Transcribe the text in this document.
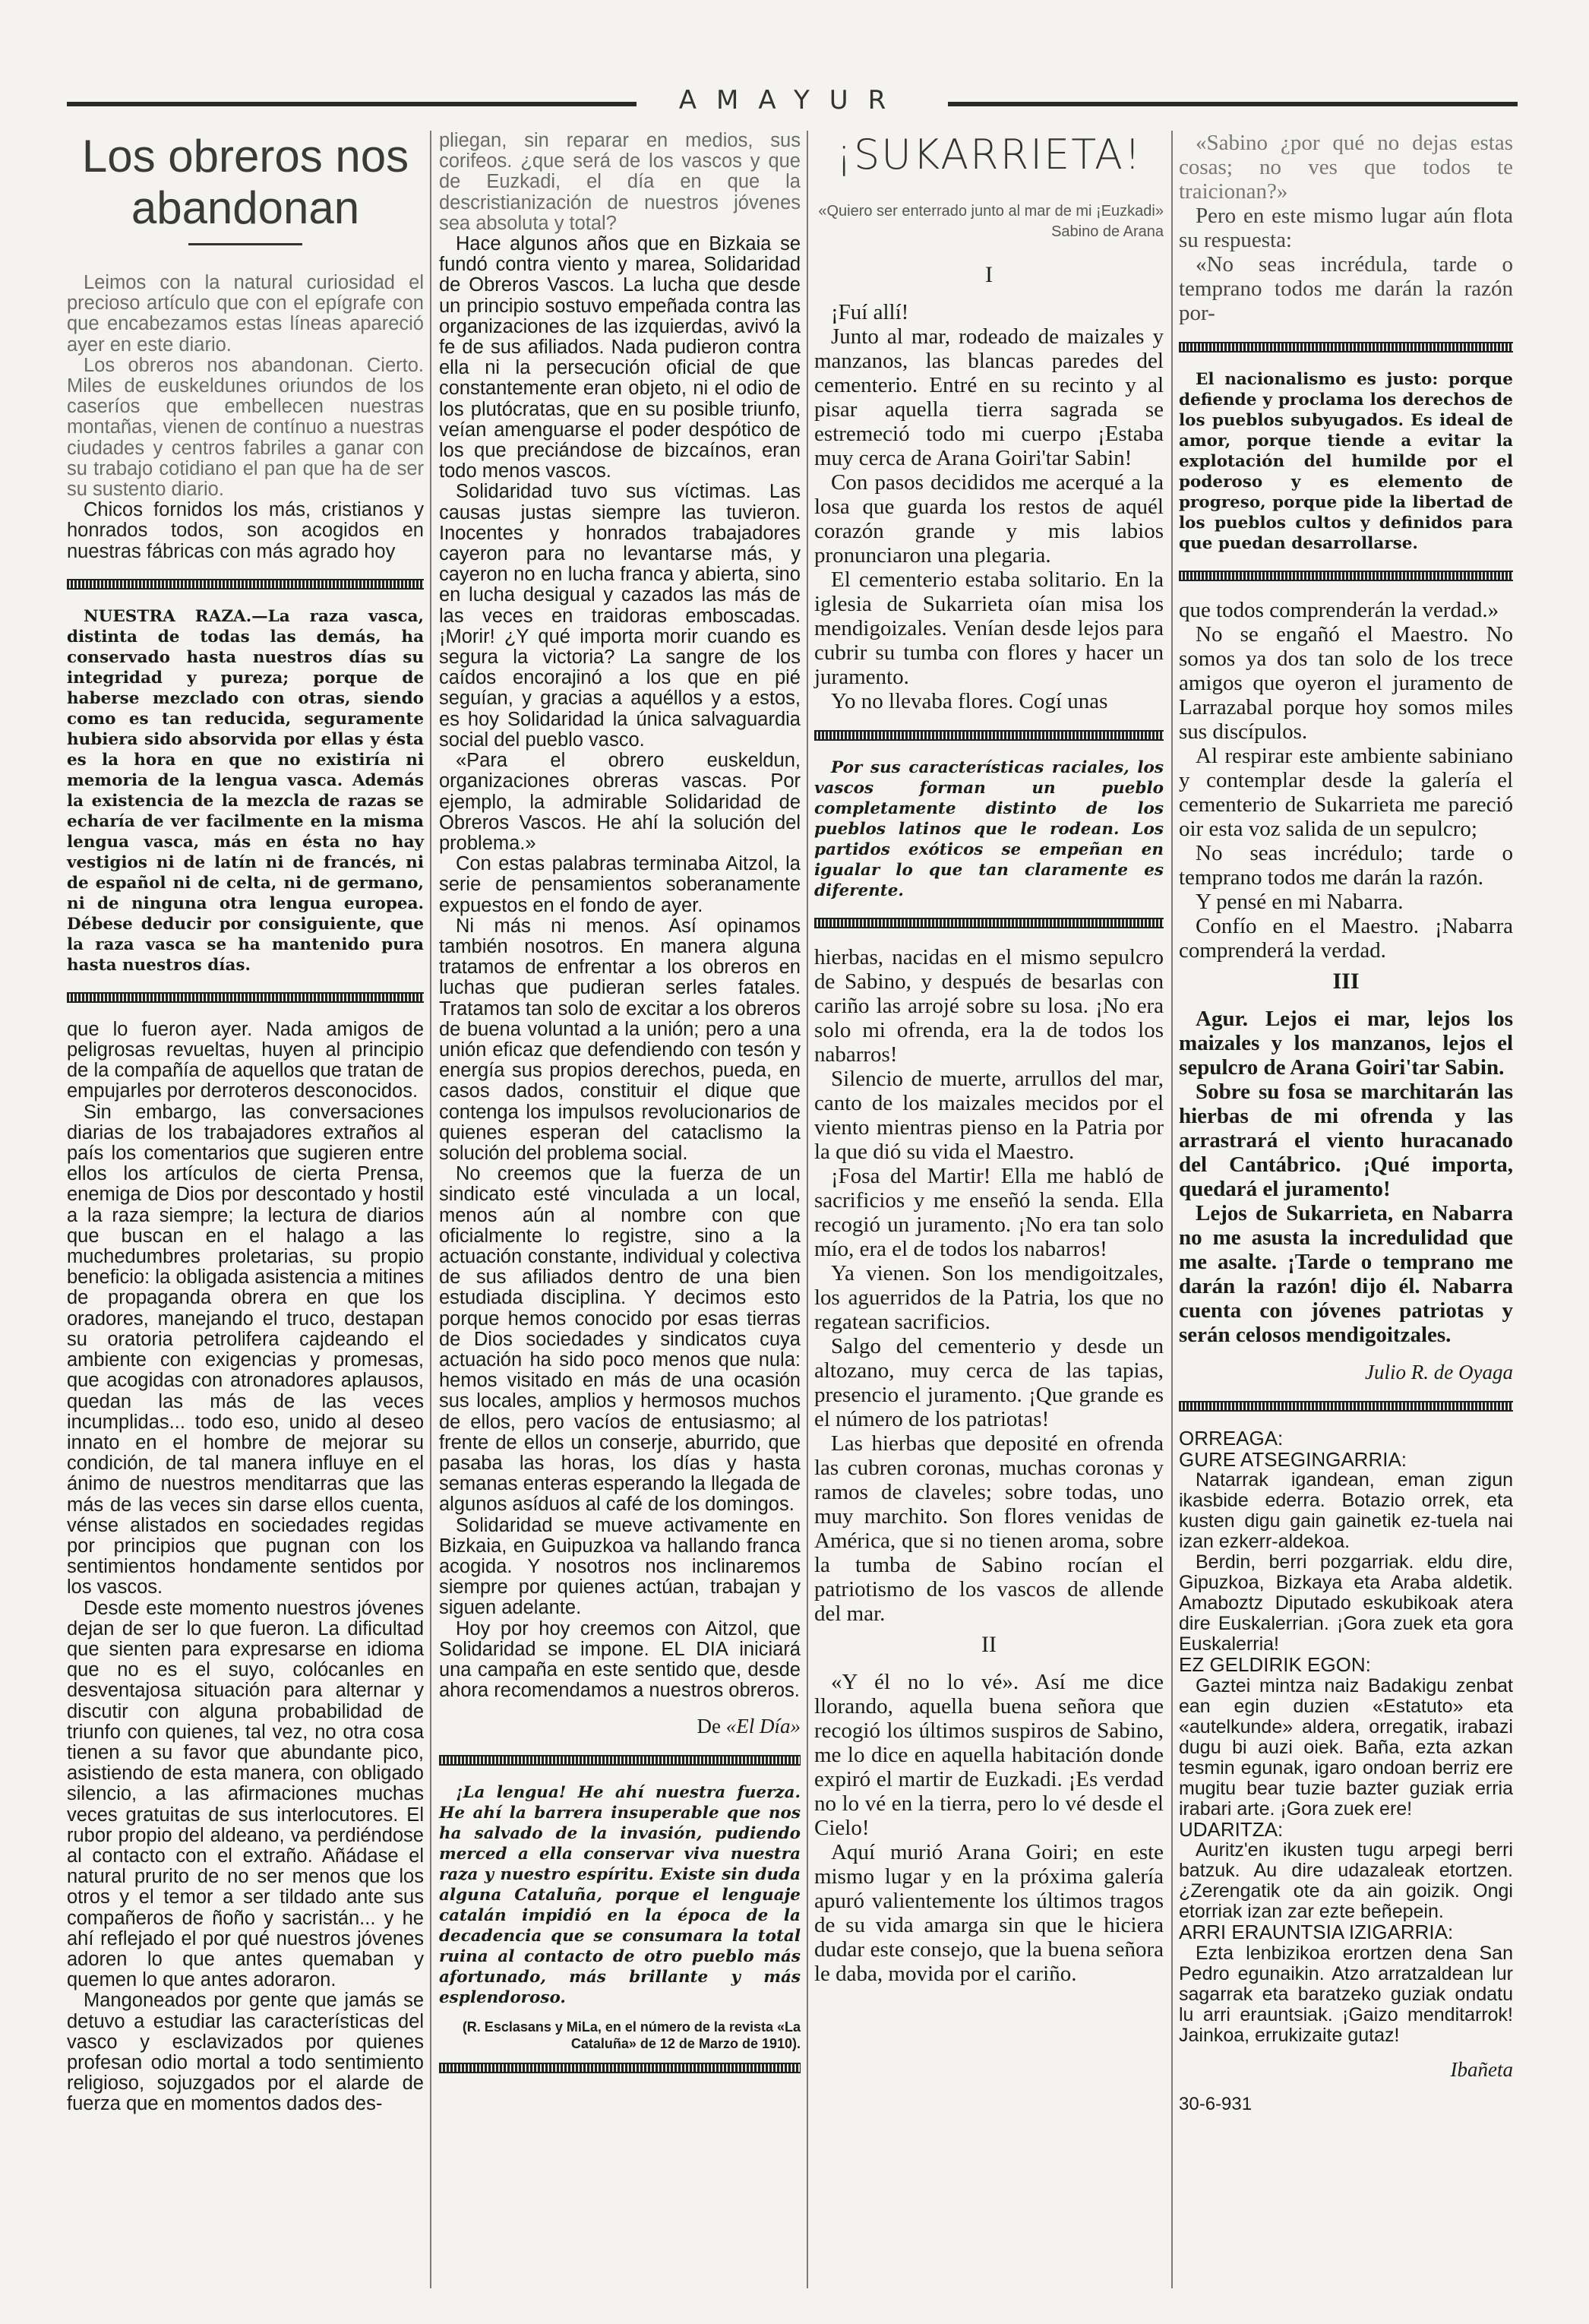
AMAYUR
Los obreros nos abandonan

Leimos con la natural curiosidad el precioso artículo que con el epígrafe con que encabezamos estas líneas apareció ayer en este diario.

Los obreros nos abandonan. Cierto. Miles de euskeldunes oriundos de los caseríos que embellecen nuestras montañas, vienen de contínuo a nuestras ciudades y centros fabriles a ganar con su trabajo cotidiano el pan que ha de ser su sustento diario.

Chicos fornidos los más, cristianos y honrados todos, son acogidos en nuestras fábricas con más agrado hoy

NUESTRA RAZA.—La raza vasca, distinta de todas las demás, ha conservado hasta nuestros días su integridad y pureza; porque de haberse mezclado con otras, siendo como es tan reducida, seguramente hubiera sido absorvida por ellas y ésta es la hora en que no existiría ni memoria de la lengua vasca. Además la existencia de la mezcla de razas se echaría de ver facilmente en la misma lengua vasca, más en ésta no hay vestigios ni de latín ni de francés, ni de español ni de celta, ni de germano, ni de ninguna otra lengua europea. Débese deducir por consiguiente, que la raza vasca se ha mantenido pura hasta nuestros días.

que lo fueron ayer. Nada amigos de peligrosas revueltas, huyen al principio de la compañía de aquellos que tratan de empujarles por derroteros desconocidos.

Sin embargo, las conversaciones diarias de los trabajadores extraños al país los comentarios que sugieren entre ellos los artículos de cierta Prensa, enemiga de Dios por descontado y hostil a la raza siempre; la lectura de diarios que buscan en el halago a las muchedumbres proletarias, su propio beneficio: la obligada asistencia a mitines de propaganda obrera en que los oradores, manejando el truco, destapan su oratoria petrolifera cajdeando el ambiente con exigencias y promesas, que acogidas con atronadores aplausos, quedan las más de las veces incumplidas... todo eso, unido al deseo innato en el hombre de mejorar su condición, de tal manera influye en el ánimo de nuestros menditarras que las más de las veces sin darse ellos cuenta, vénse alistados en sociedades regidas por principios que pugnan con los sentimientos hondamente sentidos por los vascos.

Desde este momento nuestros jóvenes dejan de ser lo que fueron. La dificultad que sienten para expresarse en idioma que no es el suyo, colócanles en desventajosa situación para alternar y discutir con alguna probabilidad de triunfo con quienes, tal vez, no otra cosa tienen a su favor que abundante pico, asistiendo de esta manera, con obligado silencio, a las afirmaciones muchas veces gratuitas de sus interlocutores. El rubor propio del aldeano, va perdiéndose al contacto con el extraño. Añádase el natural prurito de no ser menos que los otros y el temor a ser tildado ante sus compañeros de ñoño y sacristán... y he ahí reflejado el por qué nuestros jóvenes adoren lo que antes quemaban y quemen lo que antes adoraron.

Mangoneados por gente que jamás se detuvo a estudiar las características del vasco y esclavizados por quienes profesan odio mortal a todo sentimiento religioso, sojuzgados por el alarde de fuerza que en momentos dados des-

pliegan, sin reparar en medios, sus corifeos. ¿que será de los vascos y que de Euzkadi, el día en que la descristianización de nuestros jóvenes sea absoluta y total?

Hace algunos años que en Bizkaia se fundó contra viento y marea, Solidaridad de Obreros Vascos. La lucha que desde un principio sostuvo empeñada contra las organizaciones de las izquierdas, avivó la fe de sus afiliados. Nada pudieron contra ella ni la persecución oficial de que constantemente eran objeto, ni el odio de los plutócratas, que en su posible triunfo, veían amenguarse el poder despótico de los que preciándose de bizcaínos, eran todo menos vascos.

Solidaridad tuvo sus víctimas. Las causas justas siempre las tuvieron. Inocentes y honrados trabajadores cayeron para no levantarse más, y cayeron no en lucha franca y abierta, sino en lucha desigual y cazados las más de las veces en traidoras emboscadas. ¡Morir! ¿Y qué importa morir cuando es segura la victoria? La sangre de los caídos encorajinó a los que en pié seguían, y gracias a aquéllos y a estos, es hoy Solidaridad la única salvaguardia social del pueblo vasco.

«Para el obrero euskeldun, organizaciones obreras vascas. Por ejemplo, la admirable Solidaridad de Obreros Vascos. He ahí la solución del problema.»

Con estas palabras terminaba Aitzol, la serie de pensamientos soberanamente expuestos en el fondo de ayer.

Ni más ni menos. Así opinamos también nosotros. En manera alguna tratamos de enfrentar a los obreros en luchas que pudieran serles fatales. Tratamos tan solo de excitar a los obreros de buena voluntad a la unión; pero a una unión eficaz que defendiendo con tesón y energía sus propios derechos, pueda, en casos dados, constituir el dique que contenga los impulsos revolucionarios de quienes esperan del cataclismo la solución del problema social.

No creemos que la fuerza de un sindicato esté vinculada a un local, menos aún al nombre con que oficialmente lo registre, sino a la actuación constante, individual y colectiva de sus afiliados dentro de una bien estudiada disciplina. Y decimos esto porque hemos conocido por esas tierras de Dios sociedades y sindicatos cuya actuación ha sido poco menos que nula: hemos visitado en más de una ocasión sus locales, amplios y hermosos muchos de ellos, pero vacíos de entusiasmo; al frente de ellos un conserje, aburrido, que pasaba las horas, los días y hasta semanas enteras esperando la llegada de algunos asíduos al café de los domingos.

Solidaridad se mueve activamente en Bizkaia, en Guipuzkoa va hallando franca acogida. Y nosotros nos inclinaremos siempre por quienes actúan, trabajan y siguen adelante.

Hoy por hoy creemos con Aitzol, que Solidaridad se impone. EL DIA iniciará una campaña en este sentido que, desde ahora recomendamos a nuestros obreros.

De «El Día»
¡La lengua! He ahí nuestra fuerza. He ahí la barrera insuperable que nos ha salvado de la invasión, pudiendo merced a ella conservar viva nuestra raza y nuestro espíritu. Existe sin duda alguna Cataluña, porque el lenguaje catalán impidió en la época de la decadencia que se consumara la total ruina al contacto de otro pueblo más afortunado, más brillante y más esplendoroso.
(R. Esclasans y MiLa, en el número de la revista «La Cataluña» de 12 de Marzo de 1910).
¡SUKARRIETA!
«Quiero ser enterrado junto al mar de mi ¡Euzkadi» Sabino de Arana
I

¡Fuí allí!

Junto al mar, rodeado de maizales y manzanos, las blancas paredes del cementerio. Entré en su recinto y al pisar aquella tierra sagrada se estremeció todo mi cuerpo ¡Estaba muy cerca de Arana Goiri'tar Sabin!

Con pasos decididos me acerqué a la losa que guarda los restos de aquél corazón grande y mis labios pronunciaron una plegaria.

El cementerio estaba solitario. En la iglesia de Sukarrieta oían misa los mendigoizales. Venían desde lejos para cubrir su tumba con flores y hacer un juramento.

Yo no llevaba flores. Cogí unas

Por sus características raciales, los vascos forman un pueblo completamente distinto de los pueblos latinos que le rodean. Los partidos exóticos se empeñan en igualar lo que tan claramente es diferente.

hierbas, nacidas en el mismo sepulcro de Sabino, y después de besarlas con cariño las arrojé sobre su losa. ¡No era solo mi ofrenda, era la de todos los nabarros!

Silencio de muerte, arrullos del mar, canto de los maizales mecidos por el viento mientras pienso en la Patria por la que dió su vida el Maestro.

¡Fosa del Martir! Ella me habló de sacrificios y me enseñó la senda. Ella recogió un juramento. ¡No era tan solo mío, era el de todos los nabarros!

Ya vienen. Son los mendigoitzales, los aguerridos de la Patria, los que no regatean sacrificios.

Salgo del cementerio y desde un altozano, muy cerca de las tapias, presencio el juramento. ¡Que grande es el número de los patriotas!

Las hierbas que deposité en ofrenda las cubren coronas, muchas coronas y ramos de claveles; sobre todas, uno muy marchito. Son flores venidas de América, que si no tienen aroma, sobre la tumba de Sabino rocían el patriotismo de los vascos de allende del mar.

II

«Y él no lo vé». Así me dice llorando, aquella buena señora que recogió los últimos suspiros de Sabino, me lo dice en aquella habitación donde expiró el martir de Euzkadi. ¡Es verdad no lo vé en la tierra, pero lo vé desde el Cielo!

Aquí murió Arana Goiri; en este mismo lugar y en la próxima galería apuró valientemente los últimos tragos de su vida amarga sin que le hiciera dudar este consejo, que la buena señora le daba, movida por el cariño.

«Sabino ¿por qué no dejas estas cosas; no ves que todos te traicionan?»

Pero en este mismo lugar aún flota su respuesta:

«No seas incrédula, tarde o temprano todos me darán la razón por-

El nacionalismo es justo: porque defiende y proclama los derechos de los pueblos subyugados. Es ideal de amor, porque tiende a evitar la explotación del humilde por el poderoso y es elemento de progreso, porque pide la libertad de los pueblos cultos y definidos para que puedan desarrollarse.

que todos comprenderán la verdad.»

No se engañó el Maestro. No somos ya dos tan solo de los trece amigos que oyeron el juramento de Larrazabal porque hoy somos miles sus discípulos.

Al respirar este ambiente sabiniano y contemplar desde la galería el cementerio de Sukarrieta me pareció oir esta voz salida de un sepulcro;

No seas incrédulo; tarde o temprano todos me darán la razón.

Y pensé en mi Nabarra.

Confío en el Maestro. ¡Nabarra comprenderá la verdad.

III

Agur. Lejos ei mar, lejos los maizales y los manzanos, lejos el sepulcro de Arana Goiri'tar Sabin.

Sobre su fosa se marchitarán las hierbas de mi ofrenda y las arrastrará el viento huracanado del Cantábrico. ¡Qué importa, quedará el juramento!

Lejos de Sukarrieta, en Nabarra no me asusta la incredulidad que me asalte. ¡Tarde o temprano me darán la razón! dijo él. Nabarra cuenta con jóvenes patriotas y serán celosos mendigoitzales.

Julio R. de Oyaga
ORREAGA:
GURE ATSEGINGARRIA:

Natarrak igandean, eman zigun ikasbide ederra. Botazio orrek, eta kusten digu gain gainetik ez-tuela nai izan ezkerr-aldekoa.

Berdin, berri pozgarriak. eldu dire, Gipuzkoa, Bizkaya eta Araba aldetik. Amaboztz Diputado eskubikoak atera dire Euskalerrian. ¡Gora zuek eta gora Euskalerria!

EZ GELDIRIK EGON:

Gaztei mintza naiz Badakigu zenbat ean egin duzien «Estatuto» eta «autelkunde» aldera, orregatik, irabazi dugu bi auzi oiek. Baña, ezta azkan tesmin egunak, igaro ondoan berriz ere mugitu bear tuzie bazter guziak erria irabari arte. ¡Gora zuek ere!

UDARITZA:

Auritz'en ikusten tugu arpegi berri batzuk. Au dire udazaleak etortzen. ¿Zerengatik ote da ain goizik. Ongi etorriak izan zar ezte beñepein.

ARRI ERAUNTSIA IZIGARRIA:

Ezta lenbizikoa erortzen dena San Pedro egunaikin. Atzo arratzaldean lur sagarrak eta baratzeko guziak ondatu lu arri erauntsiak. ¡Gaizo menditarrok! Jainkoa, errukizaite gutaz!

Ibañeta
30-6-931
